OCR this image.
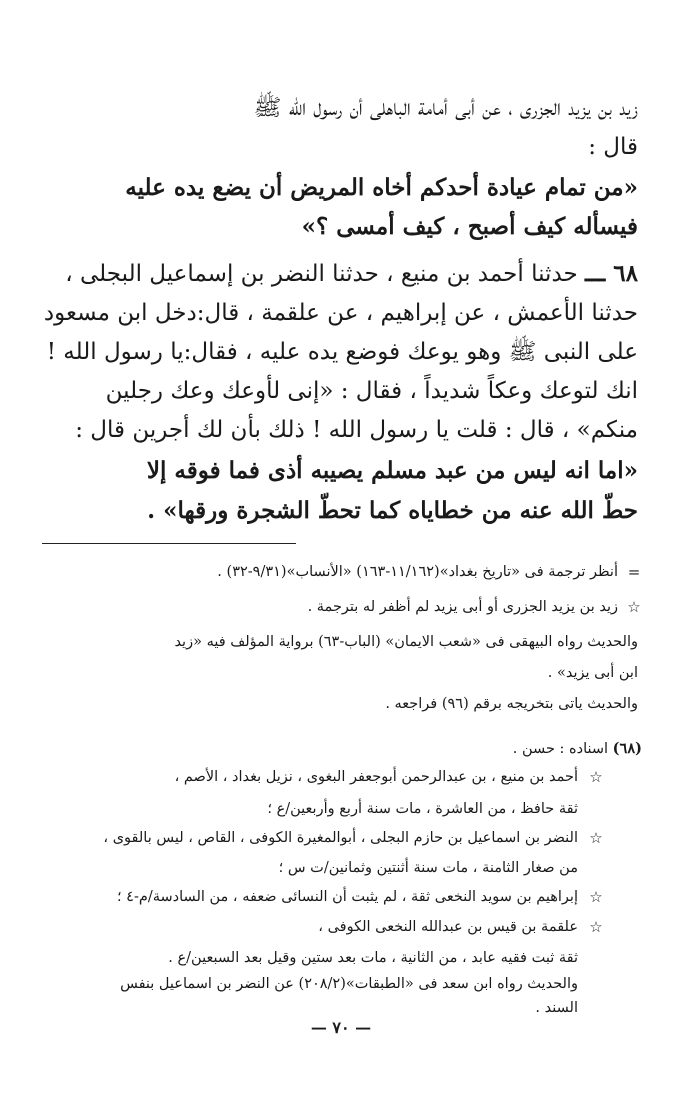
زيد بن يزيد الجزرى ، عن أبى أمامة الباهلى أن رسول الله ﷺ
قال :
«من تمام عيادة أحدكم أخاه المريض أن يضع يده عليه
فيسأله كيف أصبح ، كيف أمسى ؟»
٦٨ ـــ حدثنا أحمد بن منيع ، حدثنا النضر بن إسماعيل البجلى ،
حدثنا الأعمش ، عن إبراهيم ، عن علقمة ، قال:دخل ابن مسعود
على النبى ﷺ وهو يوعك فوضع يده عليه ، فقال:يا رسول الله !
انك لتوعك وعكاً شديداً ، فقال : «إنى لأوعك وعك رجلين
منكم» ، قال : قلت يا رسول الله ! ذلك بأن لك أجرين قال :
«اما انه ليس من عبد مسلم يصيبه أذى فما فوقه إلا
حطّ الله عنه من خطاياه كما تحطّ الشجرة ورقها» .
=
أنظر ترجمة فى «تاريخ بغداد»(١١/١٦٢-١٦٣) «الأنساب»(٩/٣١-٣٢) .
☆
زيد بن يزيد الجزرى أو أبى يزيد لم أظفر له بترجمة .
والحديث رواه البيهقى فى «شعب الايمان» (الباب-٦٣) برواية المؤلف فيه «زيد
ابن أبى يزيد» .
والحديث ياتى بتخريجه برقم (٩٦) فراجعه .
(٦٨) اسناده : حسن .
☆
أحمد بن منيع ، بن عبدالرحمن أبوجعفر البغوى ، نزيل بغداد ، الأصم ،
ثقة حافظ ، من العاشرة ، مات سنة أربع وأربعين/ع ؛
☆
النضر بن اسماعيل بن حازم البجلى ، أبوالمغيرة الكوفى ، القاص ، ليس بالقوى ،
من صغار الثامنة ، مات سنة أثنتين وثمانين/ت س ؛
☆
إبراهيم بن سويد النخعى ثقة ، لم يثبت أن النسائى ضعفه ، من السادسة/م-٤ ؛
☆
علقمة بن قيس بن عبدالله النخعى الكوفى ،
ثقة ثبت فقيه عابد ، من الثانية ، مات بعد ستين وقيل بعد السبعين/ع .
والحديث رواه ابن سعد فى «الطبقات»(٢٠٨/٢) عن النضر بن اسماعيل بنفس
السند .
— ٧٠ —
